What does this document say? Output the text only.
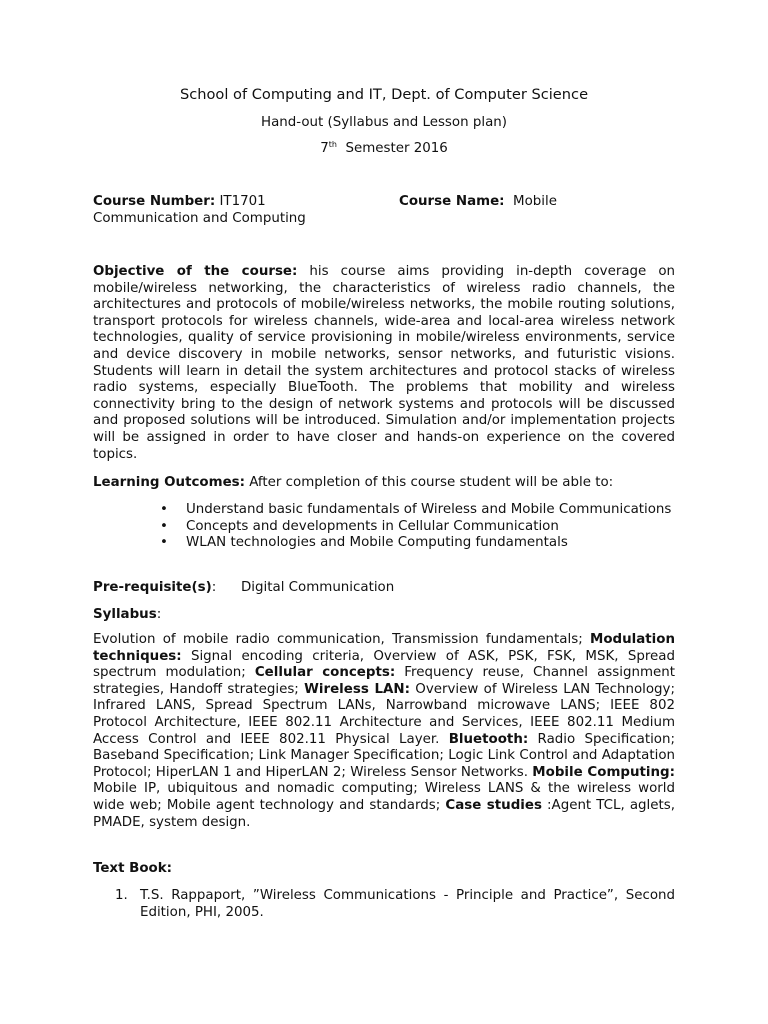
School of Computing and IT, Dept. of Computer Science

Hand-out (Syllabus and Lesson plan)

7th  Semester 2016

Course Number: IT1701	Course Name:  Mobile
Communication and Computing

Objective of the course: his course aims providing in-depth coverage on mobile/wireless networking, the characteristics of wireless radio channels, the architectures and protocols of mobile/wireless networks, the mobile routing solutions, transport protocols for wireless channels, wide-area and local-area wireless network technologies, quality of service provisioning in mobile/wireless environments, service and device discovery in mobile networks, sensor networks, and futuristic visions. Students will learn in detail the system architectures and protocol stacks of wireless radio systems, especially BlueTooth. The problems that mobility and wireless connectivity bring to the design of network systems and protocols will be discussed and proposed solutions will be introduced. Simulation and/or implementation projects will be assigned in order to have closer and hands-on experience on the covered topics.

Learning Outcomes: After completion of this course student will be able to:

• Understand basic fundamentals of Wireless and Mobile Communications
• Concepts and developments in Cellular Communication
• WLAN technologies and Mobile Computing fundamentals
Pre-requisite(s): Digital Communication
Syllabus:

Evolution of mobile radio communication, Transmission fundamentals; Modulation techniques: Signal encoding criteria, Overview of ASK, PSK, FSK, MSK, Spread spectrum modulation; Cellular concepts: Frequency reuse, Channel assignment strategies, Handoff strategies; Wireless LAN: Overview of Wireless LAN Technology; Infrared LANS, Spread Spectrum LANs, Narrowband microwave LANS; IEEE 802 Protocol Architecture, IEEE 802.11 Architecture and Services, IEEE 802.11 Medium Access Control and IEEE 802.11 Physical Layer. Bluetooth: Radio Specification; Baseband Specification; Link Manager Specification; Logic Link Control and Adaptation Protocol; HiperLAN 1 and HiperLAN 2; Wireless Sensor Networks. Mobile Computing: Mobile IP, ubiquitous and nomadic computing; Wireless LANS & the wireless world wide web; Mobile agent technology and standards; Case studies :Agent TCL, aglets, PMADE, system design.

Text Book:
1. T.S. Rappaport, ”Wireless Communications - Principle and Practice”, Second Edition, PHI, 2005.
